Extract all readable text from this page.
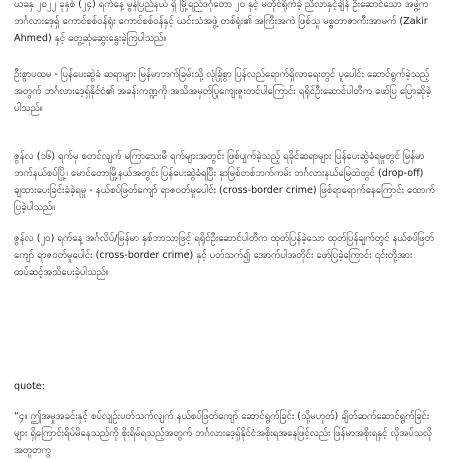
ယခနှ ၂၀၂၂ ခုနှစ် (၂၄) ရက်နေ့ မွန်ပြည်နယ် ရှိ မြို့ရည်ဒဂုံတော ၂၀ နှင့် မတိုင်ရိုက်ခဲ့ ညီလာနှင့်ချိန် ဦးဆောင်သော အဖွဲ့က ဘင်္ဂလားဒေ့ရှ် ကောင်စစ်ဝန်ရုံး ကောင်စစ်ဝန်နှင့် ယင်းသံအဖွဲ့ တစ်ရုံး၏ အကြီးအကဲ ဖြစ်သူ မစ္စတာဇာကီးအာမက် (Zakir Ahmed) နှင့် တွေ့ဆုံဆွေးနွေးခဲ့ကြပါသည်။

ဦးစွာပထမ - ပြန်ပေးဆွဲခံ ဆရာများ မြန်မာဘက်ခြမ်းသို့ လုံခြုံစွာ ပြန်လည်ရောက်ရှိလာရေးတွင် ပူပေါင်း ဆောင်ရွက်ခဲ့သည့် အတွက် ဘင်္ဂလားဒေ့ရှ်နိုင်ငံ၏ အခန်းကဏ္ဍကို အသိအမှတ်ပြုကျေးဇူးတင်ပါကြောင်း ရရိုင်ဦးဆောင်ပါတီက ဖော်ပြ ပြောဆိုခဲ့ပါသည်။

ဇွန်လ (၁၆) ရက်မှ စတင်လျက် မကြာသေးမီ ရက်များအတွင်း ဖြစ်ပျက်ခဲ့သည့် ရခိုင်ဆရာများ ပြန်ပေးဆွဲခံရမှုတွင် မြန်မာဘက်နယ်စပ်ပြို့၊ မောင်တောမြို့နယ်အတွင်း ပြန်ပေးဆွဲခံရပြီး နှာမြစ်တစ်ဘက်ကမ်း ဘင်္ဂလားနယ်မြေထဲတွင် (drop-off) ချထားပေးခြင်းခံခဲ့ရမှု - နယ်စပ်ဖြတ်ကျော် ရာဇဝတ်မှုပေါင်း (cross-border crime) ဖြစ်ရာရောက်နေကြောင်း ထောက်ပြခဲ့ပါသည်။

ဇွန်လ (၂၀) ရက်နေ့ အင်္ဂလိပ်/မြန်မာ နှစ်ဘာသာဖြင့် ရရိုင်ဦးဆောင်ပါတီက ထုတ်ပြန်ခဲ့သော ထုတ်ပြန်ချက်တွင် နယ်စပ်ဖြတ်ကျော် ရာဇဝတ်မှုပေါင်း (cross-border crime) နှင့် ပတ်သက်၍ အောက်ပါအတိုင်း ဖော်ပြခဲ့ကြောင်း ၎င်းတို့အား ထပ်ဆင့်အသိပေးခဲ့ပါသည်။

quote:

“၄။ ဤအမှုအခင်းနှင့် စပ်လျဉ်းပတ်သက်လျက် နယ်စပ်ဖြတ်ကျော် ဆောင်ရွက်ခြင်း (သို့မဟုတ်) ချိတ်ဆက်ဆောင်ရွက်ခြင်းများ ရှိကြောင်းရိပ်မိနေသည်ကို စိုးရိမ်ရသည့်အတွက် ဘင်္ဂလားဒေ့ရှ်နိုင်ငံအစိုးရအနေဖြင့်လည်း ဖြန်မာအစိုးရနှင့် လိုအပ်သလို အတူတကွ
